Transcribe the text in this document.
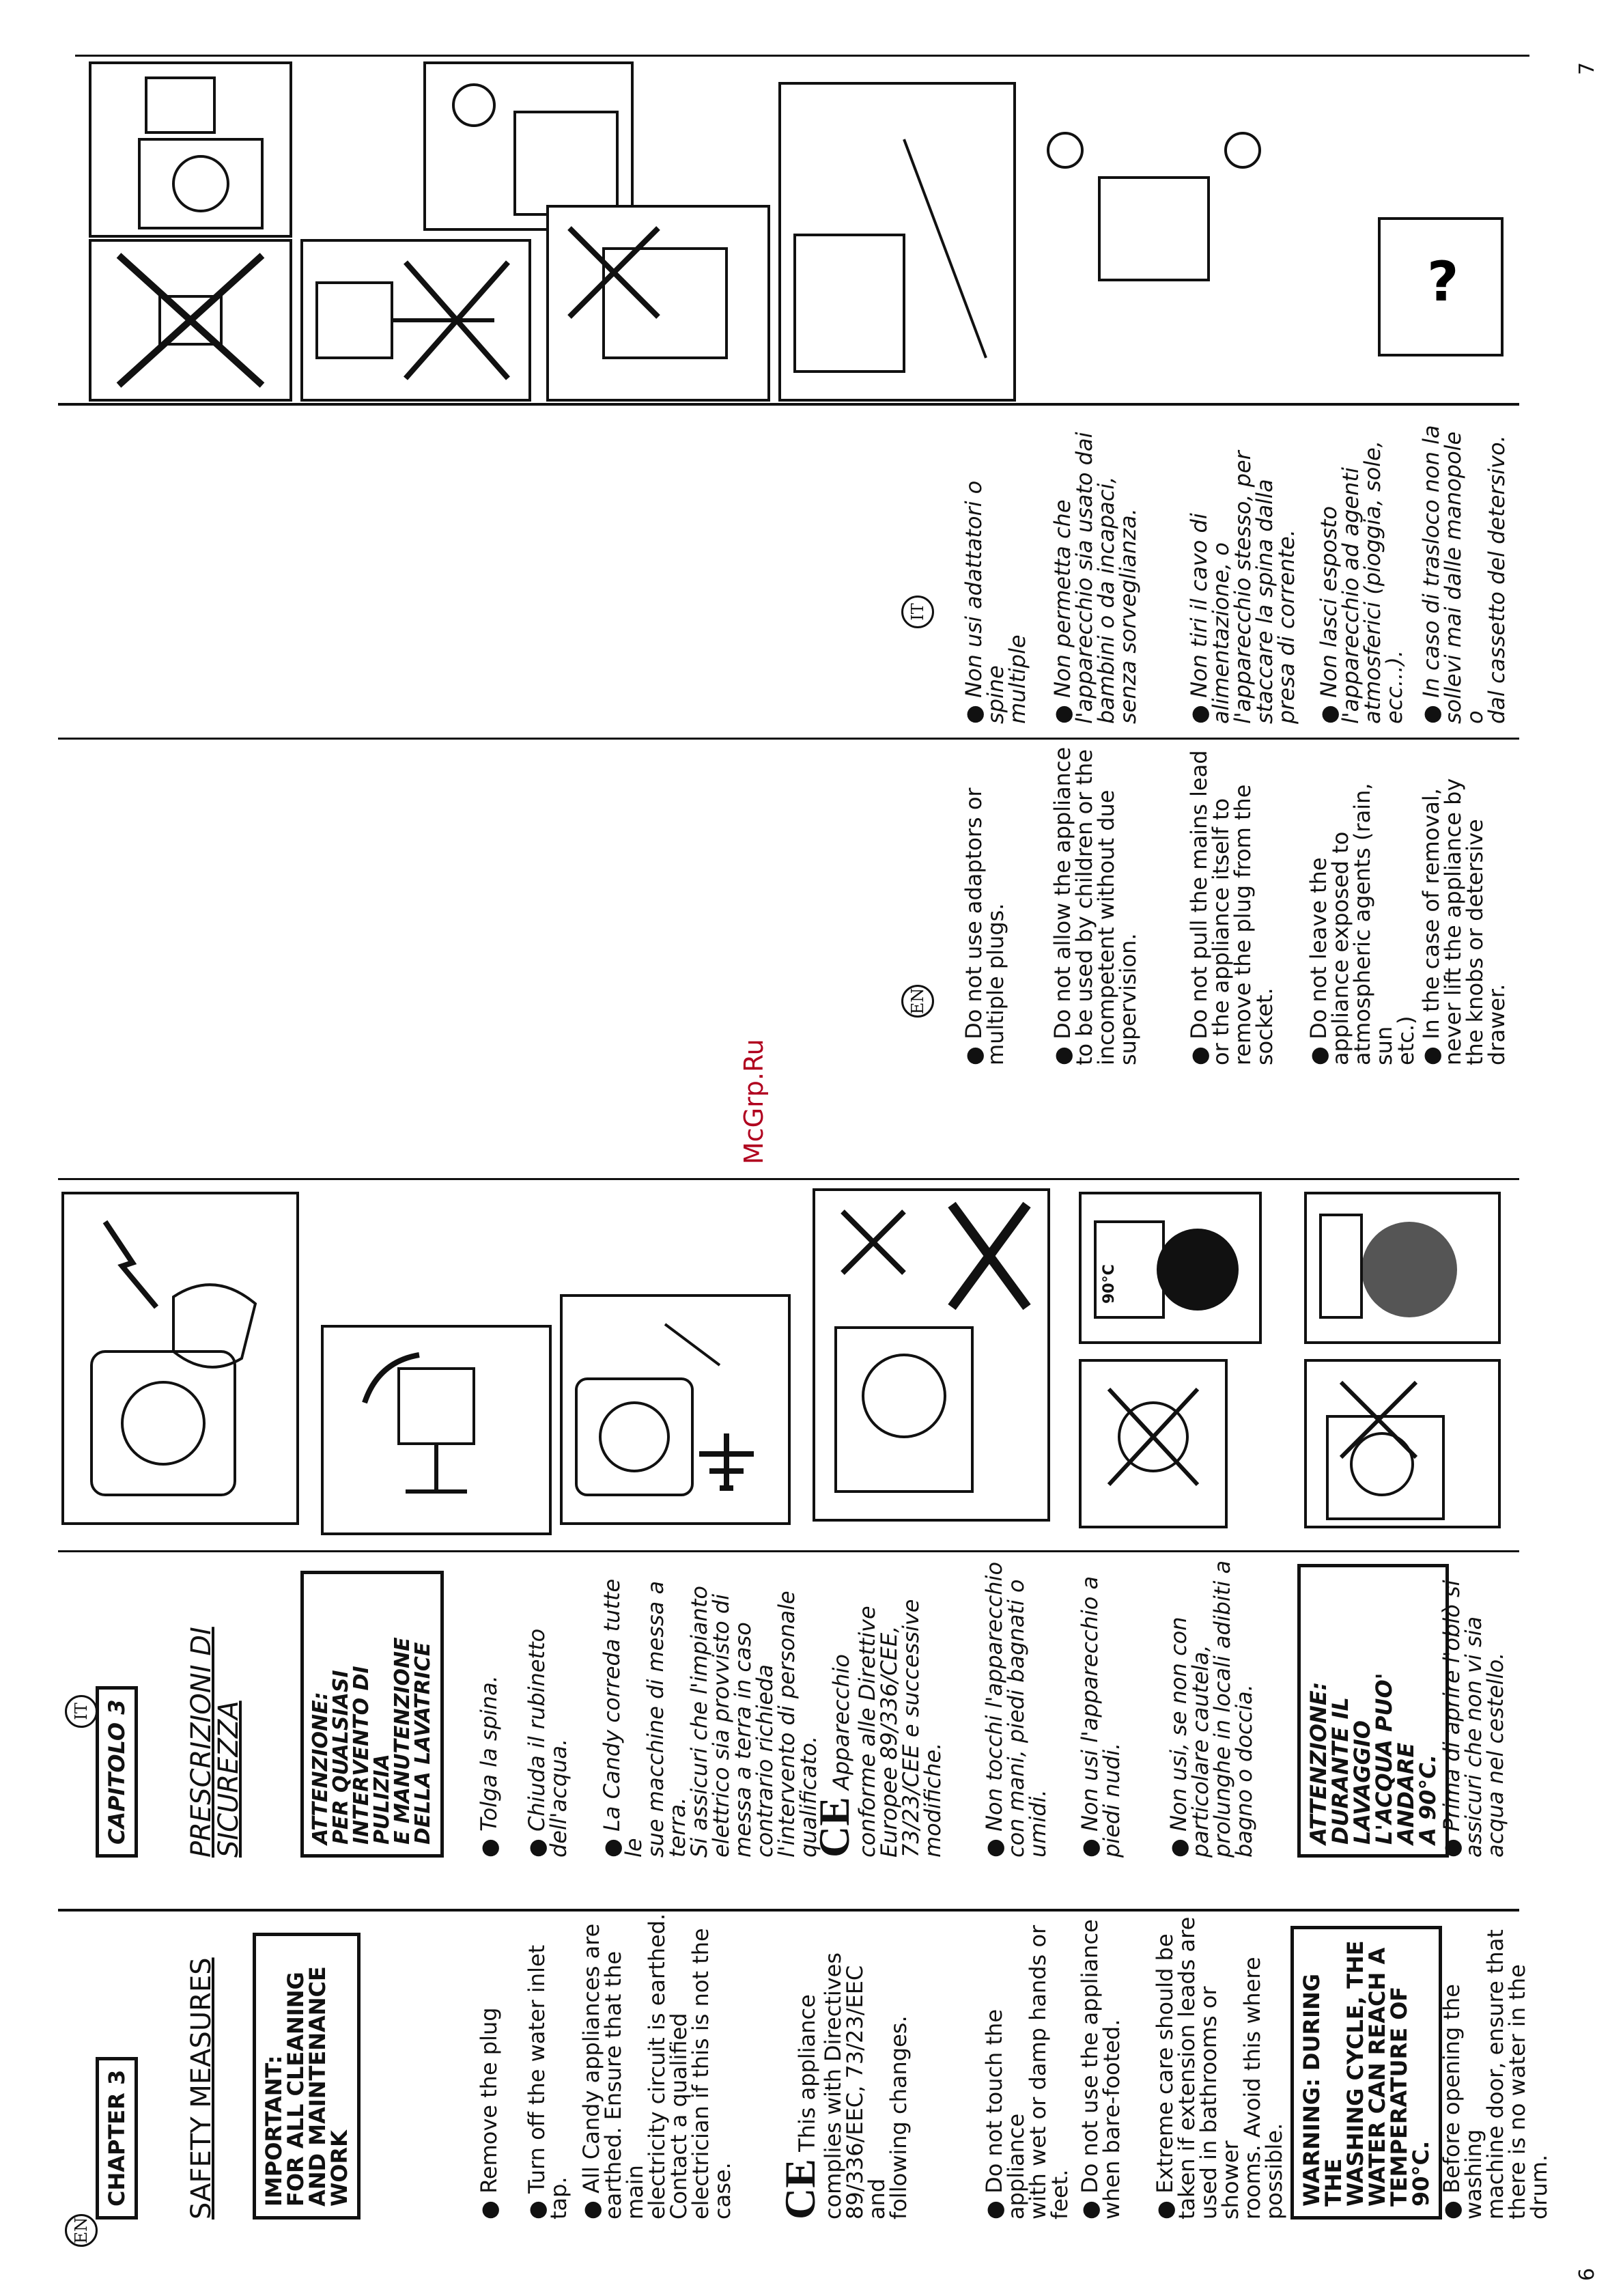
EN
IT
CHAPTER 3	SAFETY MEASURES	IMPORTANT:
FOR ALL CLEANING
AND MAINTENANCE
WORK	● Remove the plug ● Turn off the water inlet tap. ● All Candy appliances are
earthed. Ensure that the main
electricity circuit is earthed.
Contact a qualified
electrician if this is not the
case. CE This appliance
complies with Directives
89/336/EEC, 73/23/EEC and
following changes.
● Do not touch the appliance
with wet or damp hands or
feet. ● Do not use the appliance
when bare-footed. ● Extreme care should be
taken if extension leads are
used in bathrooms or shower
rooms. Avoid this where
possible. WARNING: DURING THE
WASHING CYCLE, THE
WATER CAN REACH A
TEMPERATURE OF 90°C. ● Before opening the washing
machine door, ensure that
there is no water in the drum.
CAPITOLO 3	PRESCRIZIONI DI
SICUREZZA	ATTENZIONE:
PER QUALSIASI
INTERVENTO DI PULIZIA
E MANUTENZIONE
DELLA LAVATRICE	● Tolga la spina. ● Chiuda il rubinetto
dell'acqua. ● La Candy correda tutte le
sue macchine di messa a
terra.
Si assicuri che l'impianto
elettrico sia provvisto di
messa a terra in caso
contrario richieda
l'intervento di personale
qualificato.
CE Apparecchio
conforme alle Direttive
Europee 89/336/CEE,
73/23/CEE e successive
modifiche. ● Non tocchi l'apparecchio
con mani, piedi bagnati o
umidi. ● Non usi l'apparecchio a
piedi nudi.
● Non usi, se non con
particolare cautela,
prolunghe in locali adibiti a
bagno o doccia.	ATTENZIONE:
DURANTE IL LAVAGGIO
L'ACQUA PUO' ANDARE
A 90°C.
● Prima di aprire l'oblò si
assicuri che non vi sia
acqua nel cestello.
90°C
6
McGrp.Ru
EN
IT
● Do not use adaptors or
multiple plugs.
● Do not allow the appliance
to be used by children or the
incompetent without due
supervision. ● Do not pull the mains lead
or the appliance itself to
remove the plug from the
socket. ● Do not leave the
appliance exposed to
atmospheric agents (rain, sun
etc.) ● In the case of removal,
never lift the appliance by
the knobs or detersive
drawer.
● Non usi adattatori o spine
multiple ● Non permetta che
l'apparecchio sia usato dai
bambini o da incapaci,
senza sorveglianza.
● Non tiri il cavo di
alimentazione, o
l'apparecchio stesso, per
staccare la spina dalla
presa di corrente.
● Non lasci esposto
l'apparecchio ad agenti
atmosferici (pioggia, sole,
ecc...). ● In caso di trasloco non la
sollevi mai dalle manopole o
dal cassetto del detersivo.
?
7
